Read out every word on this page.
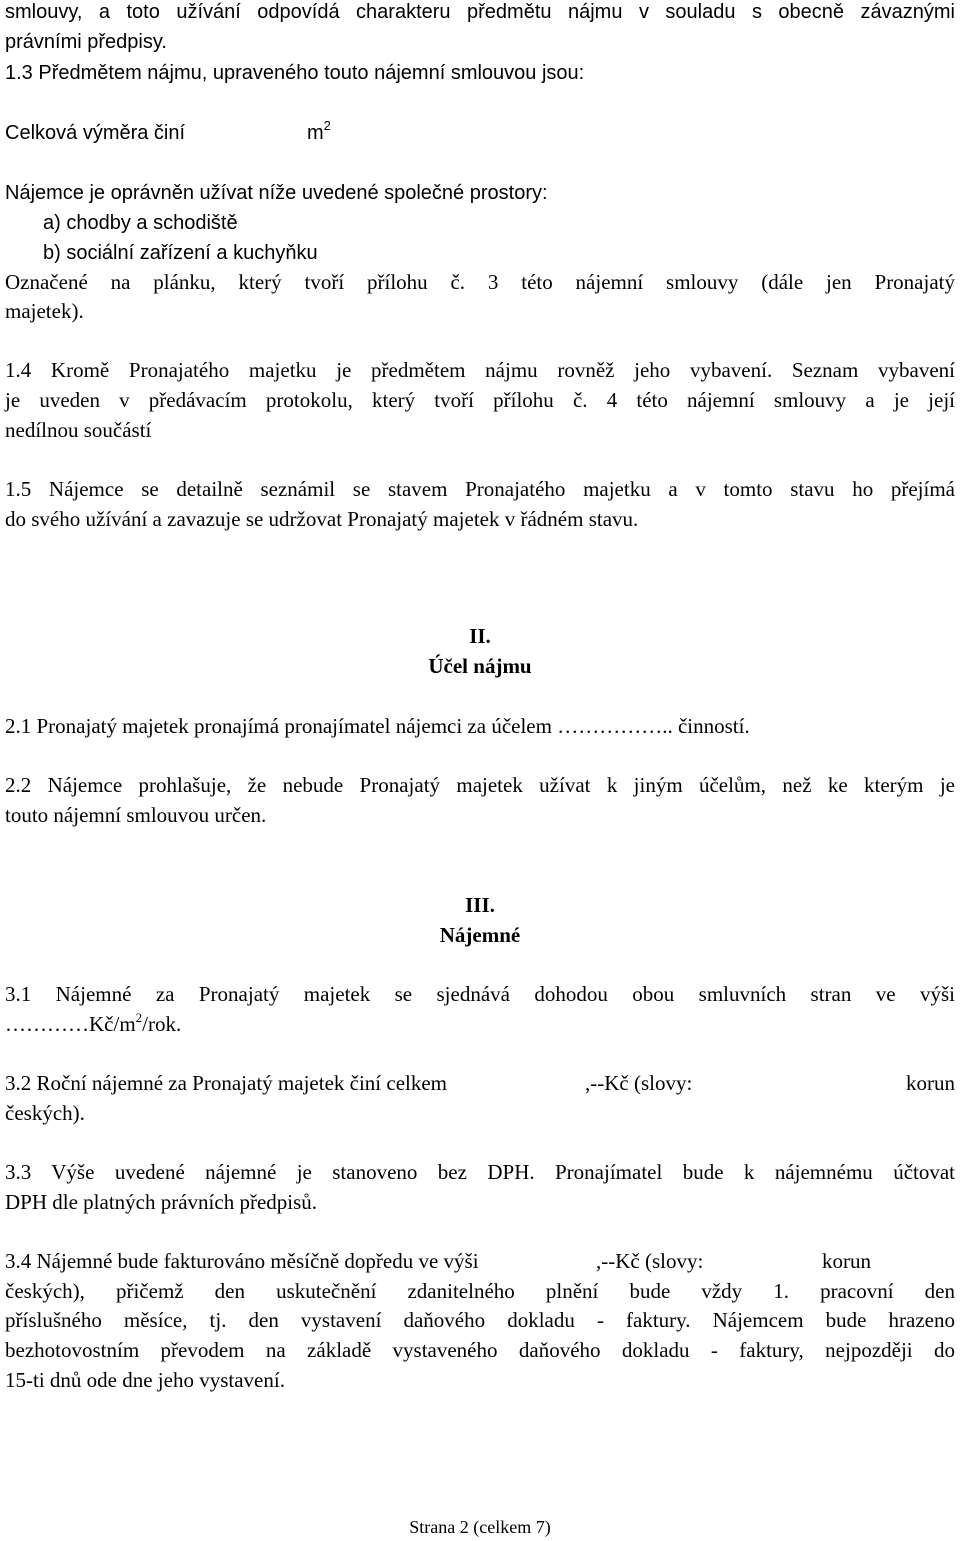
smlouvy, a toto užívání odpovídá charakteru předmětu nájmu v souladu s obecně závaznými
právními předpisy.
1.3 Předmětem nájmu, upraveného touto nájemní smlouvou jsou:
Celková výměra činí	$m^2$
Nájemce je oprávněn užívat níže uvedené společné prostory:
a) chodby a schodiště
b) sociální zařízení a kuchyňku
Označené na plánku, který tvoří přílohu č. 3 této nájemní smlouvy (dále jen Pronajatý
majetek).
1.4 Kromě Pronajatého majetku je předmětem nájmu rovněž jeho vybavení. Seznam vybavení
je uveden v předávacím protokolu, který tvoří přílohu č. 4 této nájemní smlouvy a je její
nedílnou součástí
1.5 Nájemce se detailně seznámil se stavem Pronajatého majetku a v tomto stavu ho přejímá
do svého užívání a zavazuje se udržovat Pronajatý majetek v řádném stavu.
II.
Účel nájmu
2.1 Pronajatý majetek pronajímá pronajímatel nájemci za účelem …………….. činností.
2.2 Nájemce prohlašuje, že nebude Pronajatý majetek užívat k jiným účelům, než ke kterým je
touto nájemní smlouvou určen.
III.
Nájemné
3.1 Nájemné za Pronajatý majetek se sjednává dohodou obou smluvních stran ve výši
$\dots\dots\dots\dots Kč/m^2$/rok.
3.2 Roční nájemné za Pronajatý majetek činí celkem	,--Kč (slovy:	korun
českých).
3.3 Výše uvedené nájemné je stanoveno bez DPH. Pronajímatel bude k nájemnému účtovat
DPH dle platných právních předpisů.
3.4 Nájemné bude fakturováno měsíčně dopředu ve výši	,--Kč (slovy:	korun
českých), přičemž den uskutečnění zdanitelného plnění bude vždy 1. pracovní den
příslušného měsíce, tj. den vystavení daňového dokladu - faktury. Nájemcem bude hrazeno
bezhotovostním převodem na základě vystaveného daňového dokladu - faktury, nejpozději do
15-ti dnů ode dne jeho vystavení.
Strana 2 (celkem 7)
